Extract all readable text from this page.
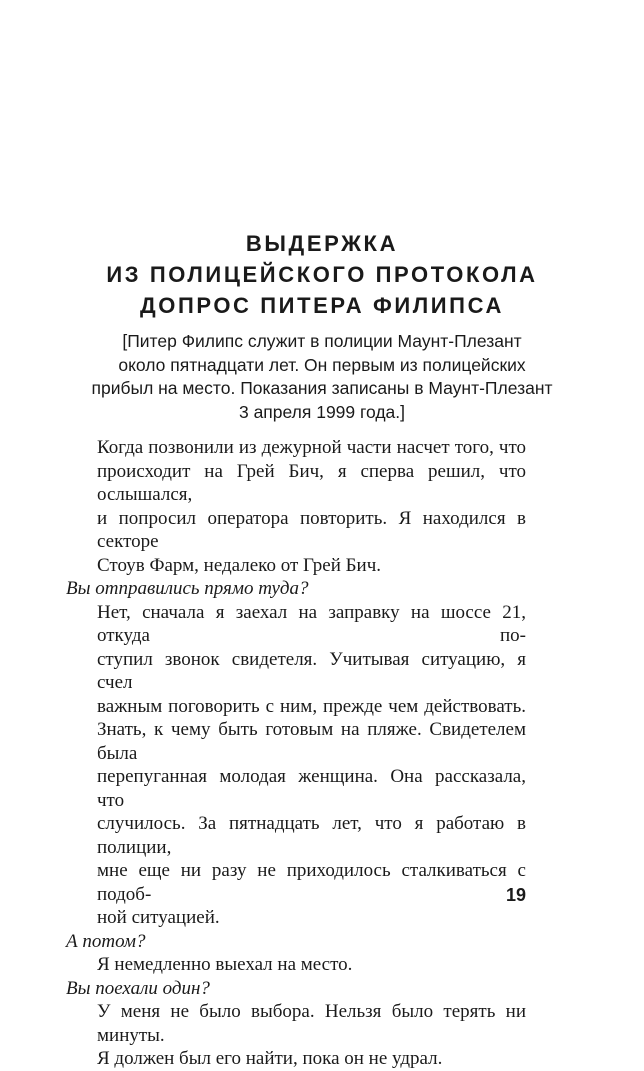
ВЫДЕРЖКА
ИЗ ПОЛИЦЕЙСКОГО ПРОТОКОЛА
ДОПРОС ПИТЕРА ФИЛИПСА
[Питер Филипс служит в полиции Маунт-Плезант
около пятнадцати лет. Он первым из полицейских
прибыл на место. Показания записаны в Маунт-Плезант
3 апреля 1999 года.]
Когда позвонили из дежурной части насчет того, что
происходит на Грей Бич, я сперва решил, что ослышался,
и попросил оператора повторить. Я находился в секторе
Стоув Фарм, недалеко от Грей Бич.
Вы отправились прямо туда?
Нет, сначала я заехал на заправку на шоссе 21, откуда по-
ступил звонок свидетеля. Учитывая ситуацию, я счел
важным поговорить с ним, прежде чем действовать.
Знать, к чему быть готовым на пляже. Свидетелем была
перепуганная молодая женщина. Она рассказала, что
случилось. За пятнадцать лет, что я работаю в полиции,
мне еще ни разу не приходилось сталкиваться с подоб-
ной ситуацией.
А потом?
Я немедленно выехал на место.
Вы поехали один?
У меня не было выбора. Нельзя было терять ни минуты.
Я должен был его найти, пока он не удрал.
19
